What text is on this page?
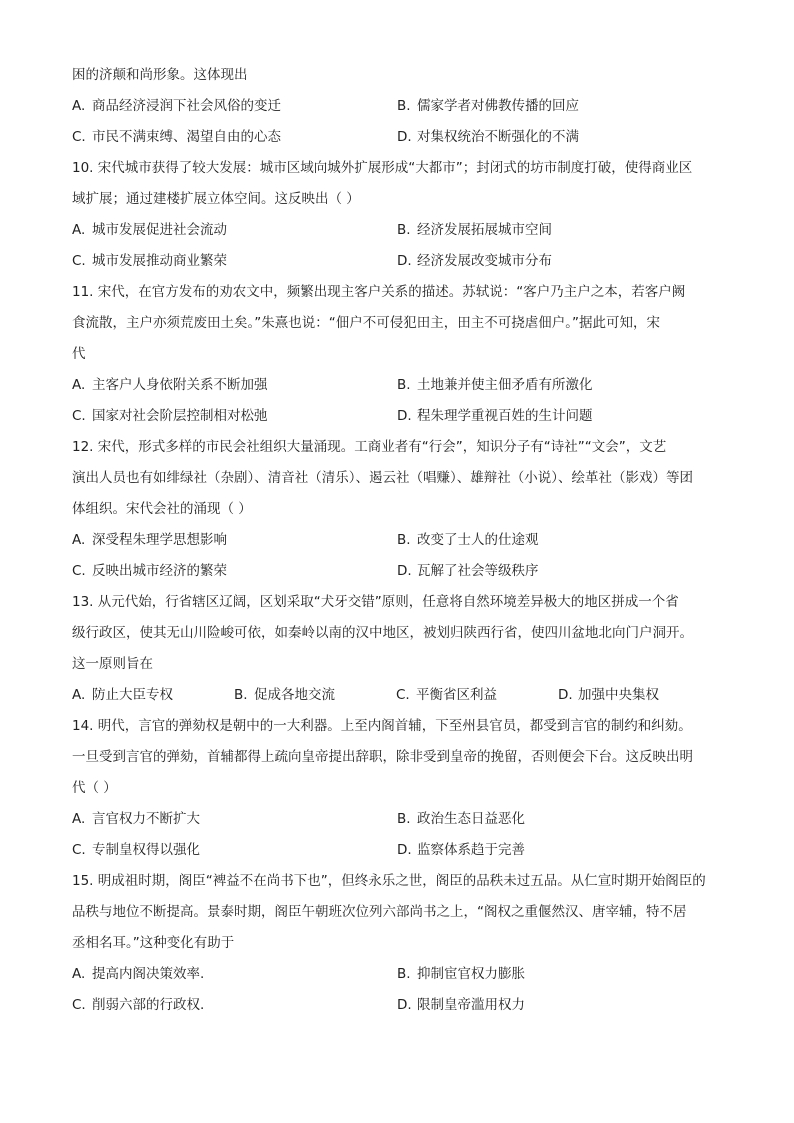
困的济颠和尚形象。这体现出
A. 商品经济浸润下社会风俗的变迁	B. 儒家学者对佛教传播的回应
C. 市民不满束缚、渴望自由的心态	D. 对集权统治不断强化的不满
10. 宋代城市获得了较大发展：城市区域向城外扩展形成“大都市”；封闭式的坊市制度打破，使得商业区
域扩展；通过建楼扩展立体空间。这反映出（ ）
A. 城市发展促进社会流动	B. 经济发展拓展城市空间
C. 城市发展推动商业繁荣	D. 经济发展改变城市分布
11. 宋代，在官方发布的劝农文中，频繁出现主客户关系的描述。苏轼说：“客户乃主户之本，若客户阙
食流散，主户亦须荒废田土矣。”朱熹也说：“佃户不可侵犯田主，田主不可挠虐佃户。”据此可知，宋
代
A. 主客户人身依附关系不断加强	B. 土地兼并使主佃矛盾有所激化
C. 国家对社会阶层控制相对松弛	D. 程朱理学重视百姓的生计问题
12. 宋代，形式多样的市民会社组织大量涌现。工商业者有“行会”，知识分子有“诗社”“文会”，文艺
演出人员也有如绯绿社（杂剧）、清音社（清乐）、遏云社（唱赚）、雄辩社（小说）、绘革社（影戏）等团
体组织。宋代会社的涌现（ ）
A. 深受程朱理学思想影响	B. 改变了士人的仕途观
C. 反映出城市经济的繁荣	D. 瓦解了社会等级秩序
13. 从元代始，行省辖区辽阔，区划采取“犬牙交错”原则，任意将自然环境差异极大的地区拼成一个省
级行政区，使其无山川险峻可依，如秦岭以南的汉中地区，被划归陕西行省，使四川盆地北向门户洞开。
这一原则旨在
A. 防止大臣专权	B. 促成各地交流	C. 平衡省区利益	D. 加强中央集权
14. 明代，言官的弹劾权是朝中的一大利器。上至内阁首辅，下至州县官员，都受到言官的制约和纠劾。
一旦受到言官的弹劾，首辅都得上疏向皇帝提出辞职，除非受到皇帝的挽留，否则便会下台。这反映出明
代（ ）
A. 言官权力不断扩大	B. 政治生态日益恶化
C. 专制皇权得以强化	D. 监察体系趋于完善
15. 明成祖时期，阁臣“裨益不在尚书下也”，但终永乐之世，阁臣的品秩未过五品。从仁宣时期开始阁臣的
品秩与地位不断提高。景泰时期，阁臣午朝班次位列六部尚书之上，“阁权之重偃然汉、唐宰辅，特不居
丞相名耳。”这种变化有助于
A. 提高内阁决策效率.	B. 抑制宦官权力膨胀
C. 削弱六部的行政权.	D. 限制皇帝滥用权力
